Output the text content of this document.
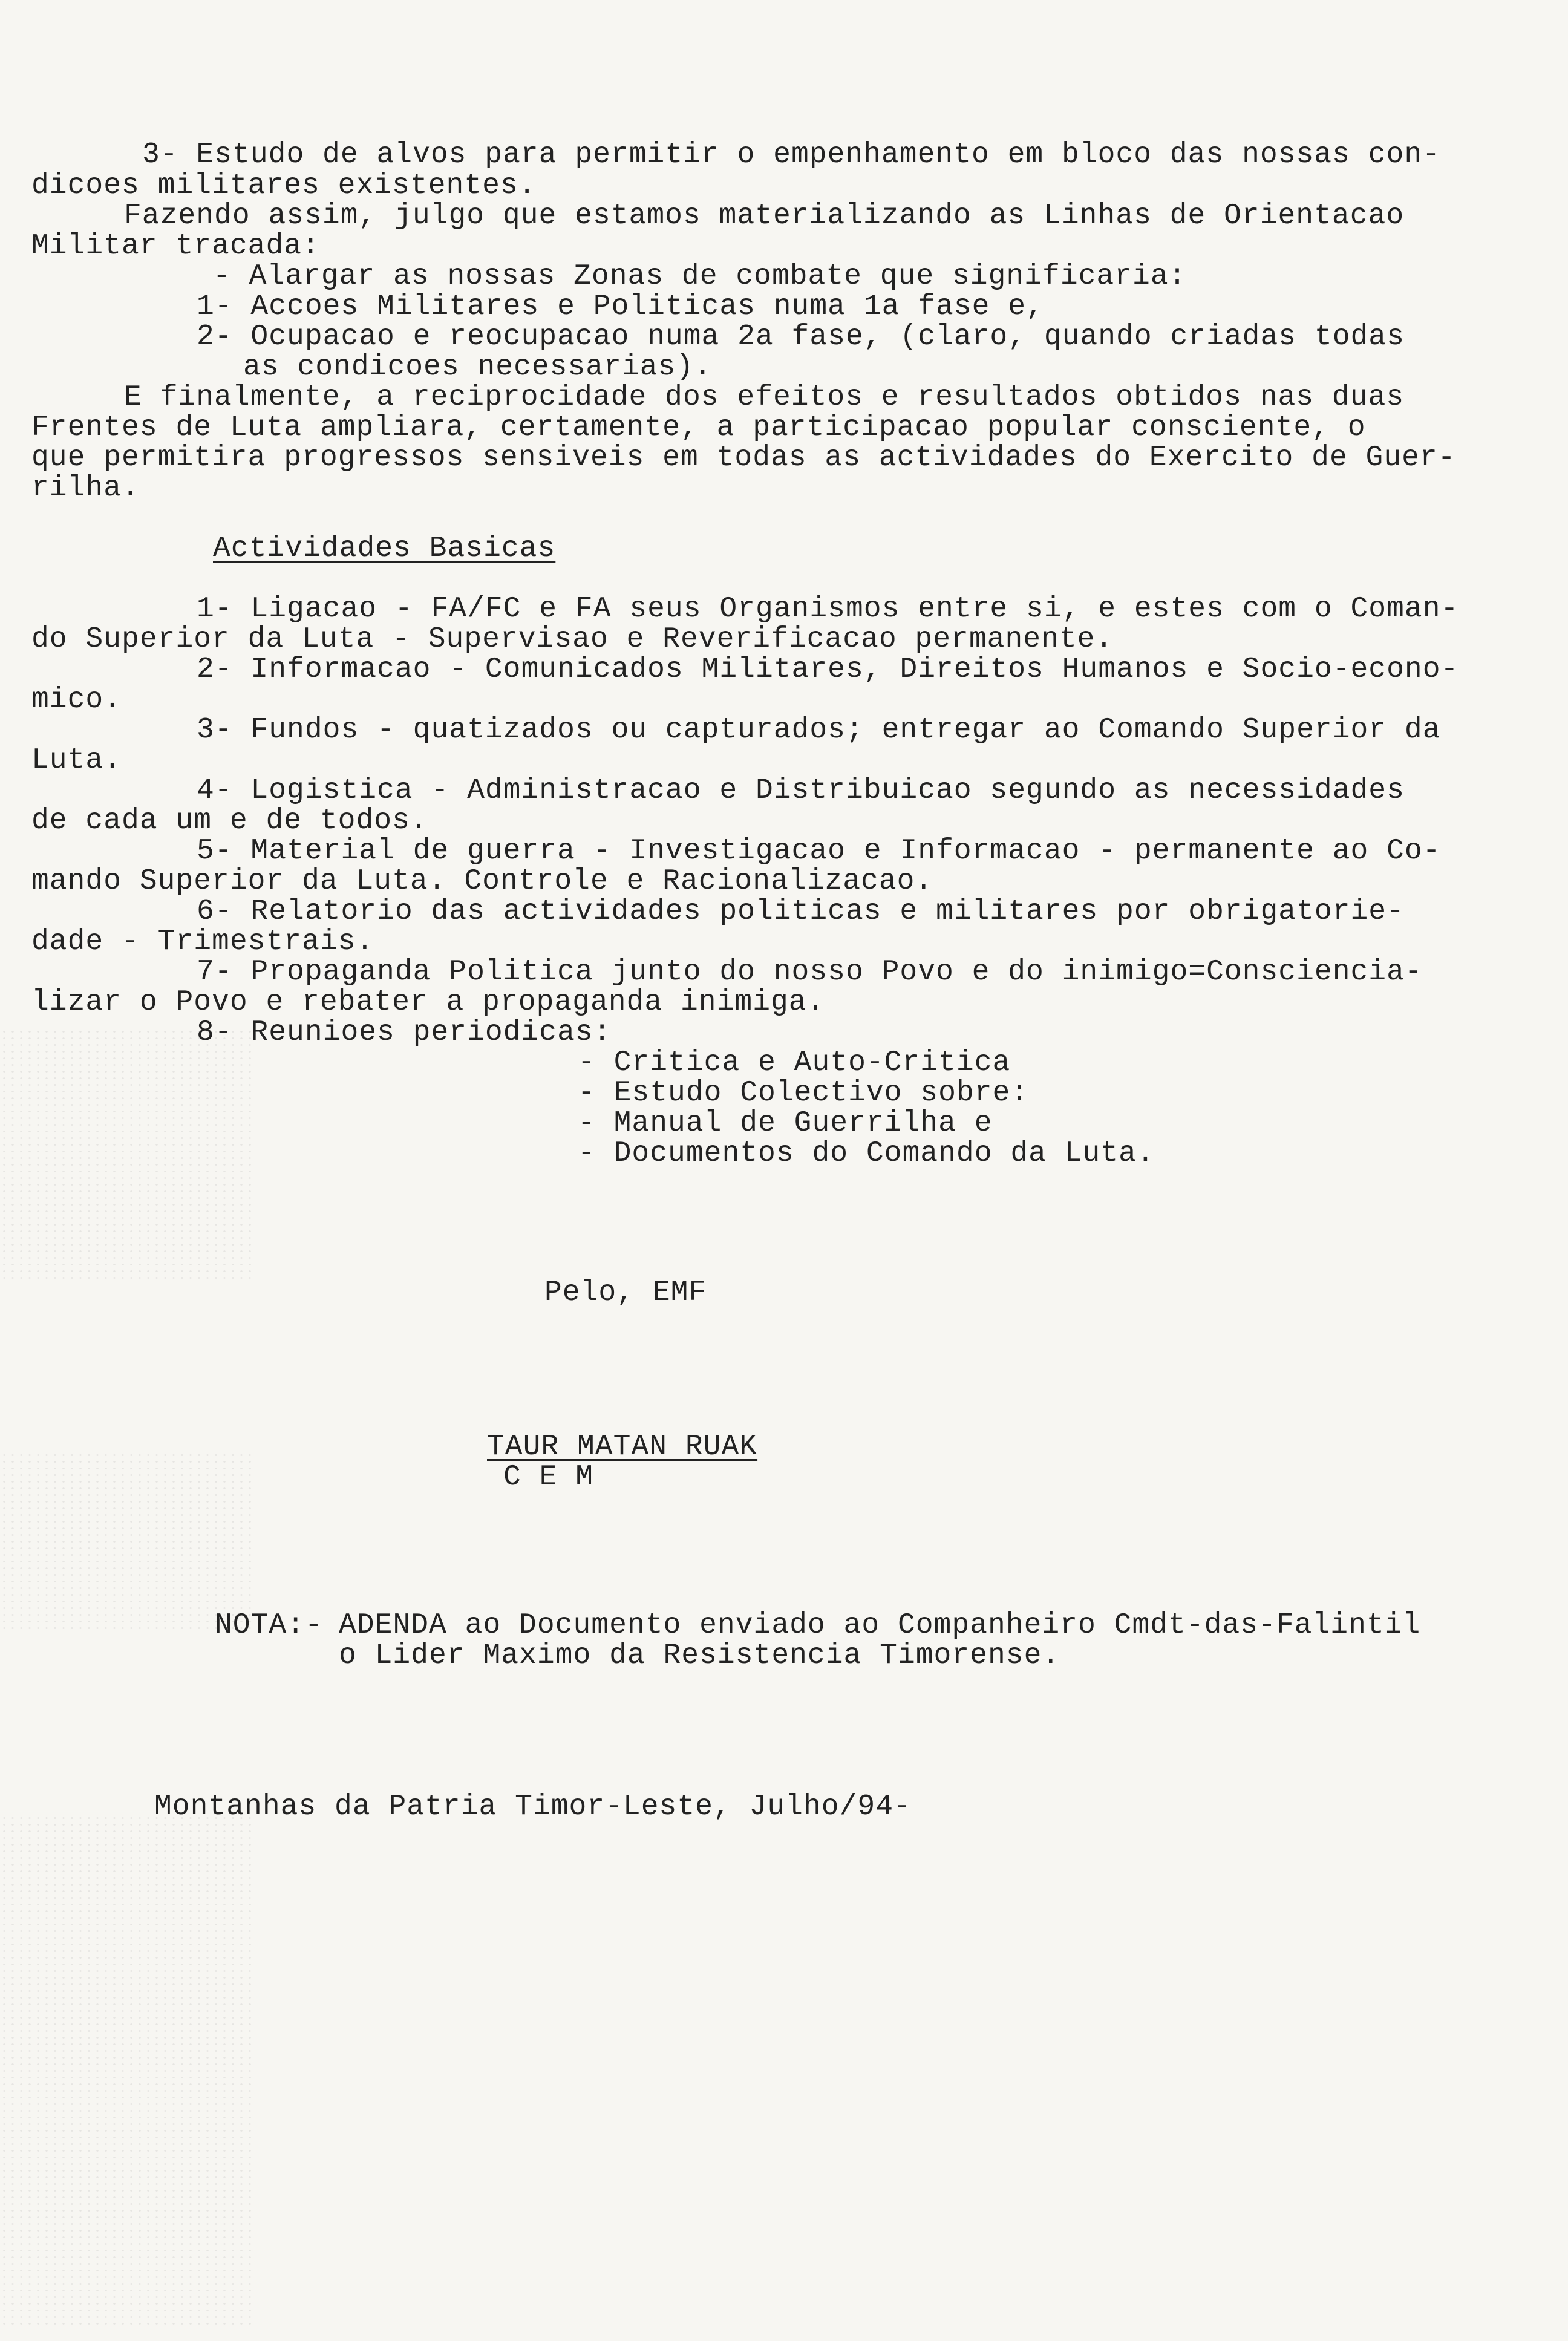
3- Estudo de alvos para permitir o empenhamento em bloco das nossas con-
dicoes militares existentes.
Fazendo assim, julgo que estamos materializando as Linhas de Orientacao
Militar tracada:
- Alargar as nossas Zonas de combate que significaria:
1- Accoes Militares e Politicas numa 1a fase e,
2- Ocupacao e reocupacao numa 2a fase, (claro, quando criadas todas
as condicoes necessarias).
E finalmente, a reciprocidade dos efeitos e resultados obtidos nas duas
Frentes de Luta ampliara, certamente, a participacao popular consciente, o
que permitira progressos sensiveis em todas as actividades do Exercito de Guer-
rilha.
Actividades Basicas
1- Ligacao - FA/FC e FA seus Organismos entre si, e estes com o Coman-
do Superior da Luta - Supervisao e Reverificacao permanente.
2- Informacao - Comunicados Militares, Direitos Humanos e Socio-econo-
mico.
3- Fundos - quatizados ou capturados; entregar ao Comando Superior da
Luta.
4- Logistica - Administracao e Distribuicao segundo as necessidades
de cada um e de todos.
5- Material de guerra - Investigacao e Informacao - permanente ao Co-
mando Superior da Luta. Controle e Racionalizacao.
6- Relatorio das actividades politicas e militares por obrigatorie-
dade - Trimestrais.
7- Propaganda Politica junto do nosso Povo e do inimigo=Consciencia-
lizar o Povo e rebater a propaganda inimiga.
8- Reunioes periodicas:
- Critica e Auto-Critica
- Estudo Colectivo sobre:
- Manual de Guerrilha e
- Documentos do Comando da Luta.
Pelo, EMF
TAUR MATAN RUAK
C E M
NOTA:- ADENDA ao Documento enviado ao Companheiro Cmdt-das-Falintil
o Lider Maximo da Resistencia Timorense.
Montanhas da Patria Timor-Leste, Julho/94-
